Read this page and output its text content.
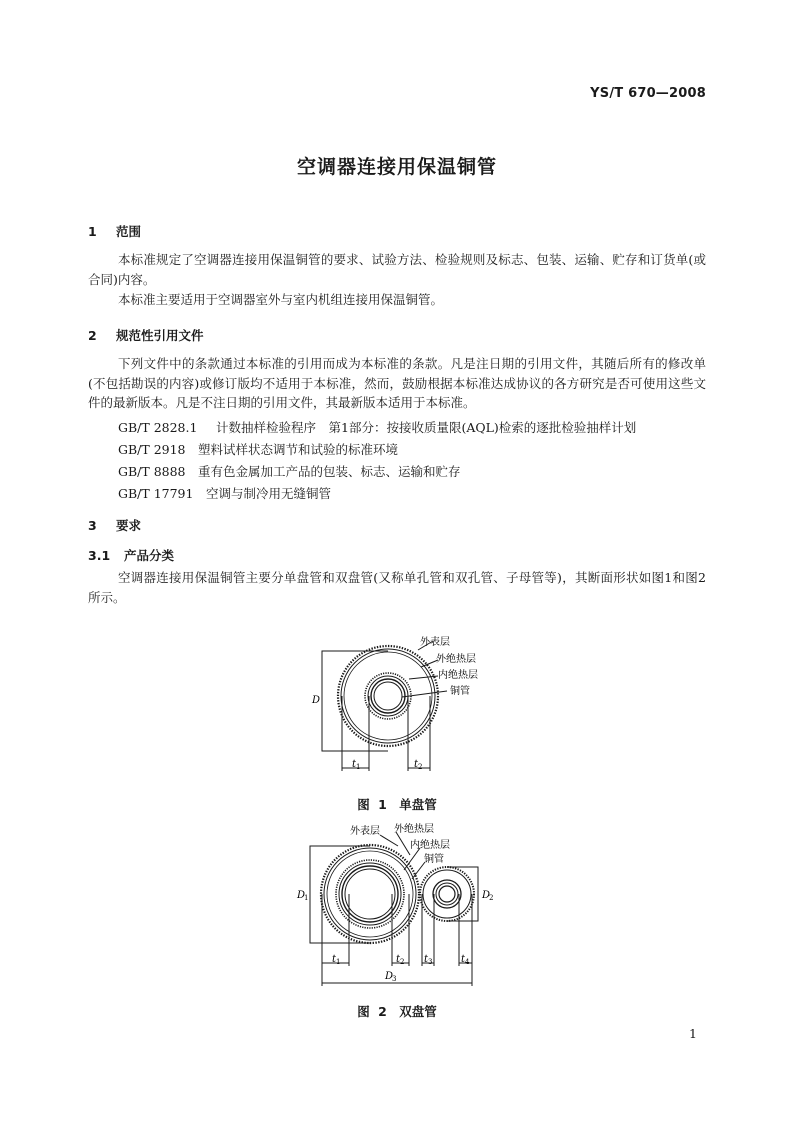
YS/T 670—2008
空调器连接用保温铜管
1 范围
本标准规定了空调器连接用保温铜管的要求、试验方法、检验规则及标志、包装、运输、贮存和订货单(或合同)内容。
本标准主要适用于空调器室外与室内机组连接用保温铜管。
2 规范性引用文件
下列文件中的条款通过本标准的引用而成为本标准的条款。凡是注日期的引用文件，其随后所有的修改单(不包括勘误的内容)或修订版均不适用于本标准，然而，鼓励根据本标准达成协议的各方研究是否可使用这些文件的最新版本。凡是不注日期的引用文件，其最新版本适用于本标准。
GB/T 2828.1 计数抽样检验程序　第1部分：按接收质量限(AQL)检索的逐批检验抽样计划
GB/T 2918 塑料试样状态调节和试验的标准环境
GB/T 8888 重有色金属加工产品的包装、标志、运输和贮存
GB/T 17791 空调与制冷用无缝铜管
3 要求
3.1 产品分类
空调器连接用保温铜管主要分单盘管和双盘管(又称单孔管和双孔管、子母管等)，其断面形状如图1和图2所示。
外表层
外绝热层
内绝热层
铜管
D
t 1	t 2
图 1　单盘管
外表层 外绝热层
内绝热层
铜管
D
1	D
2
D
3
t 1	t 2 t 3	t 4
图 2　双盘管
1
